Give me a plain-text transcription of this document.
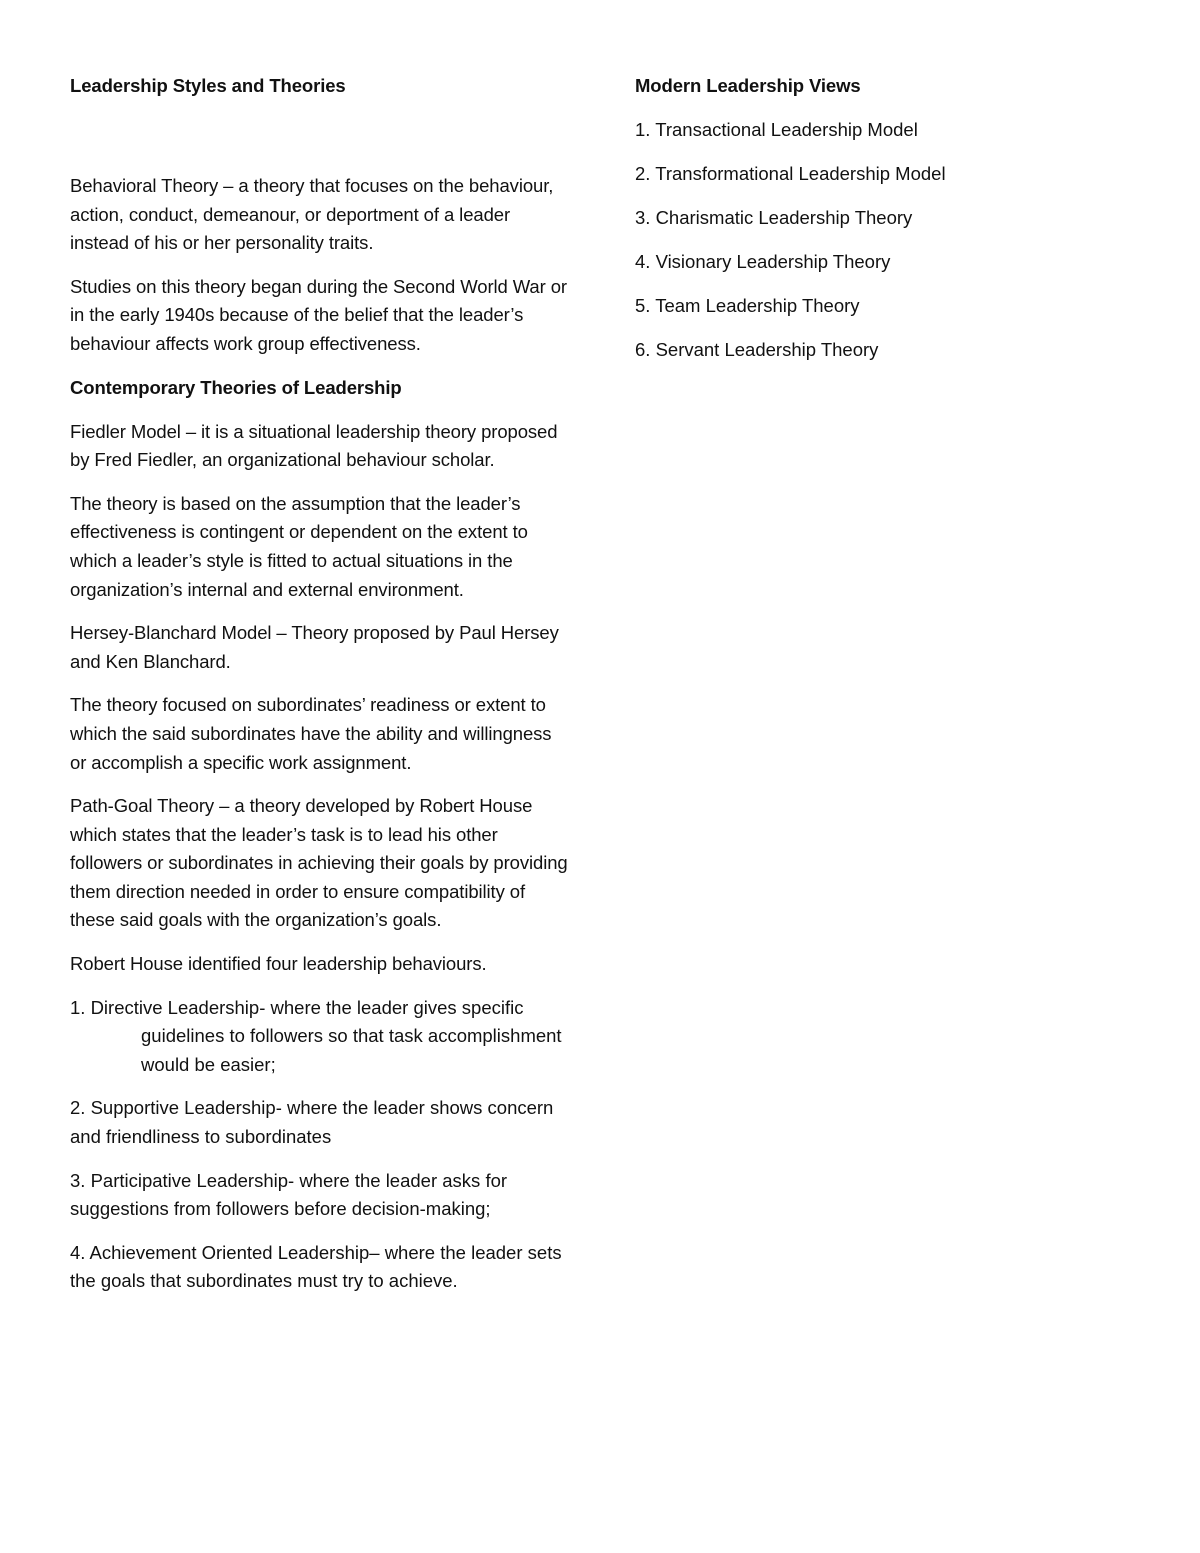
Leadership Styles and Theories

Behavioral Theory – a theory that focuses on the behaviour, action, conduct, demeanour, or deportment of a leader instead of his or her personality traits.

Studies on this theory began during the Second World War or in the early 1940s because of the belief that the leader’s behaviour affects work group effectiveness.

Contemporary Theories of Leadership

Fiedler Model – it is a situational leadership theory proposed by Fred Fiedler, an organizational behaviour scholar.

The theory is based on the assumption that the leader’s effectiveness is contingent or dependent on the extent to which a leader’s style is fitted to actual situations in the organization’s internal and external environment.

Hersey-Blanchard Model – Theory proposed by Paul Hersey and Ken Blanchard.

The theory focused on subordinates’ readiness or extent to which the said subordinates have the ability and willingness or accomplish a specific work assignment.

Path-Goal Theory – a theory developed by Robert House which states that the leader’s task is to lead his other followers or subordinates in achieving their goals by providing them direction needed in order to ensure compatibility of these said goals with the organization’s goals.

Robert House identified four leadership behaviours.

1. Directive Leadership- where the leader gives specific guidelines to followers so that task accomplishment would be easier;
2. Supportive Leadership- where the leader shows concern and friendliness to subordinates
3. Participative Leadership- where the leader asks for suggestions from followers before decision-making;
4. Achievement Oriented Leadership– where the leader sets the goals that subordinates must try to achieve.
Modern Leadership Views
1. Transactional Leadership Model
2. Transformational Leadership Model
3. Charismatic Leadership Theory
4. Visionary Leadership Theory
5. Team Leadership Theory
6. Servant Leadership Theory
